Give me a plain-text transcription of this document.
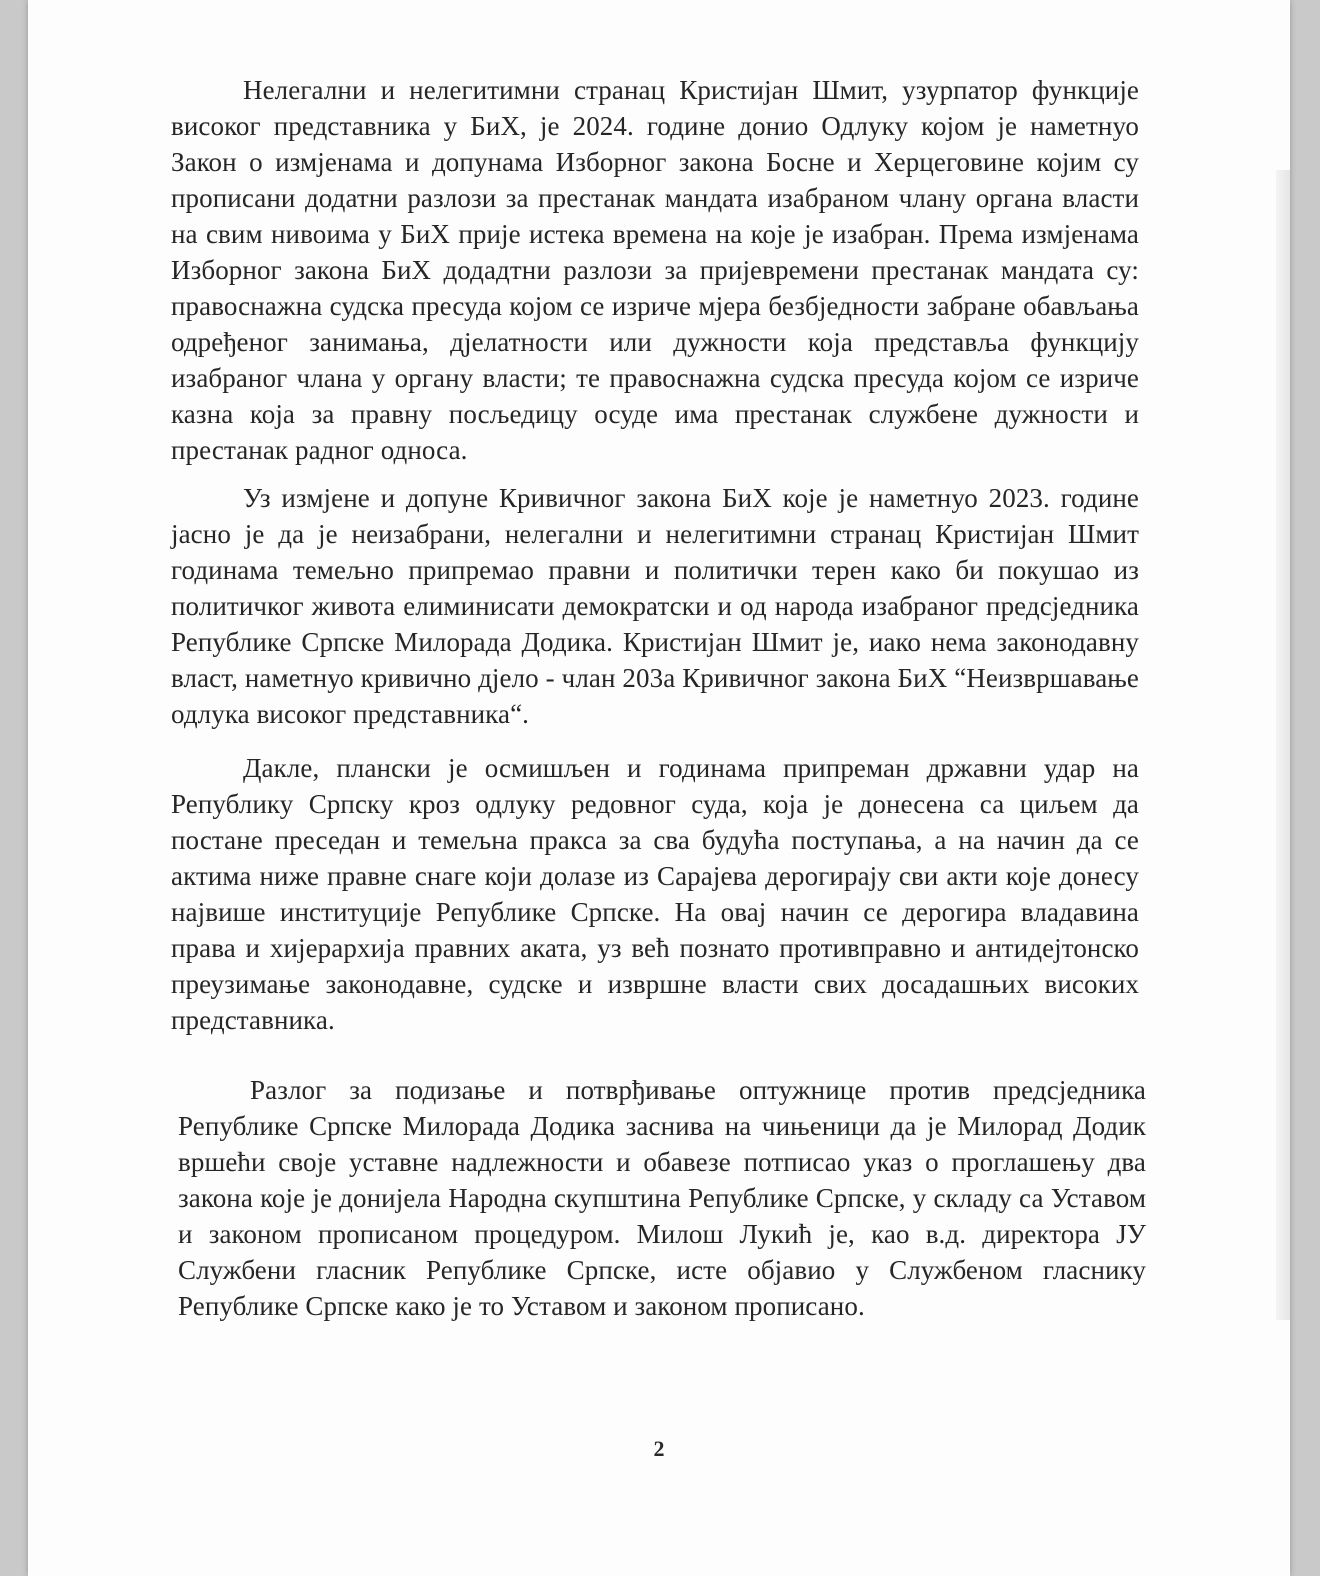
Нелегални и нелегитимни странац Кристијан Шмит, узурпатор функције високог представника у БиХ, је 2024. године донио Одлуку којом је наметнуо Закон о измјенама и допунама Изборног закона Босне и Херцеговине којим су прописани додатни разлози за престанак мандата изабраном члану органа власти на свим нивоима у БиХ прије истека времена на које је изабран. Према измјенама Изборног закона БиХ додадтни разлози за пријевремени престанак мандата су: правоснажна судска пресуда којом се изриче мјера безбједности забране обављања одређеног занимања, дјелатности или дужности која представља функцију изабраног члана у органу власти; те правоснажна судска пресуда којом се изриче казна која за правну посљедицу осуде има престанак службене дужности и престанак радног односа.

Уз измјене и допуне Кривичног закона БиХ које је наметнуо 2023. године јасно је да је неизабрани, нелегални и нелегитимни странац Кристијан Шмит годинама темељно припремао правни и политички терен како би покушао из политичког живота елиминисати демократски и од народа изабраног предсједника Републике Српске Милорада Додика. Кристијан Шмит је, иако нема законодавну власт, наметнуо кривично дјело - члан 203а Кривичног закона БиХ “Неизвршавање одлука високог представника“.

Дакле, плански је осмишљен и годинама припреман државни удар на Републику Српску кроз одлуку редовног суда, која је донесена са циљем да постане преседан и темељна пракса за сва будућа поступања, а на начин да се актима ниже правне снаге који долазе из Сарајева дерогирају сви акти које донесу највише институције Републике Српске. На овај начин се дерогира владавина права и хијерархија правних аката, уз већ познато противправно и антидејтонско преузимање законодавне, судске и извршне власти свих досадашњих високих представника.

Разлог за подизање и потврђивање оптужнице против предсједника Републике Српске Милорада Додика заснива на чињеници да је Милорад Додик вршећи своје уставне надлежности и обавезе потписао указ о проглашењу два закона које је донијела Народна скупштина Републике Српске, у складу са Уставом и законом прописаном процедуром. Милош Лукић је, као в.д. директора ЈУ Службени гласник Републике Српске, исте објавио у Службеном гласнику Републике Српске како је то Уставом и законом прописано.

2
